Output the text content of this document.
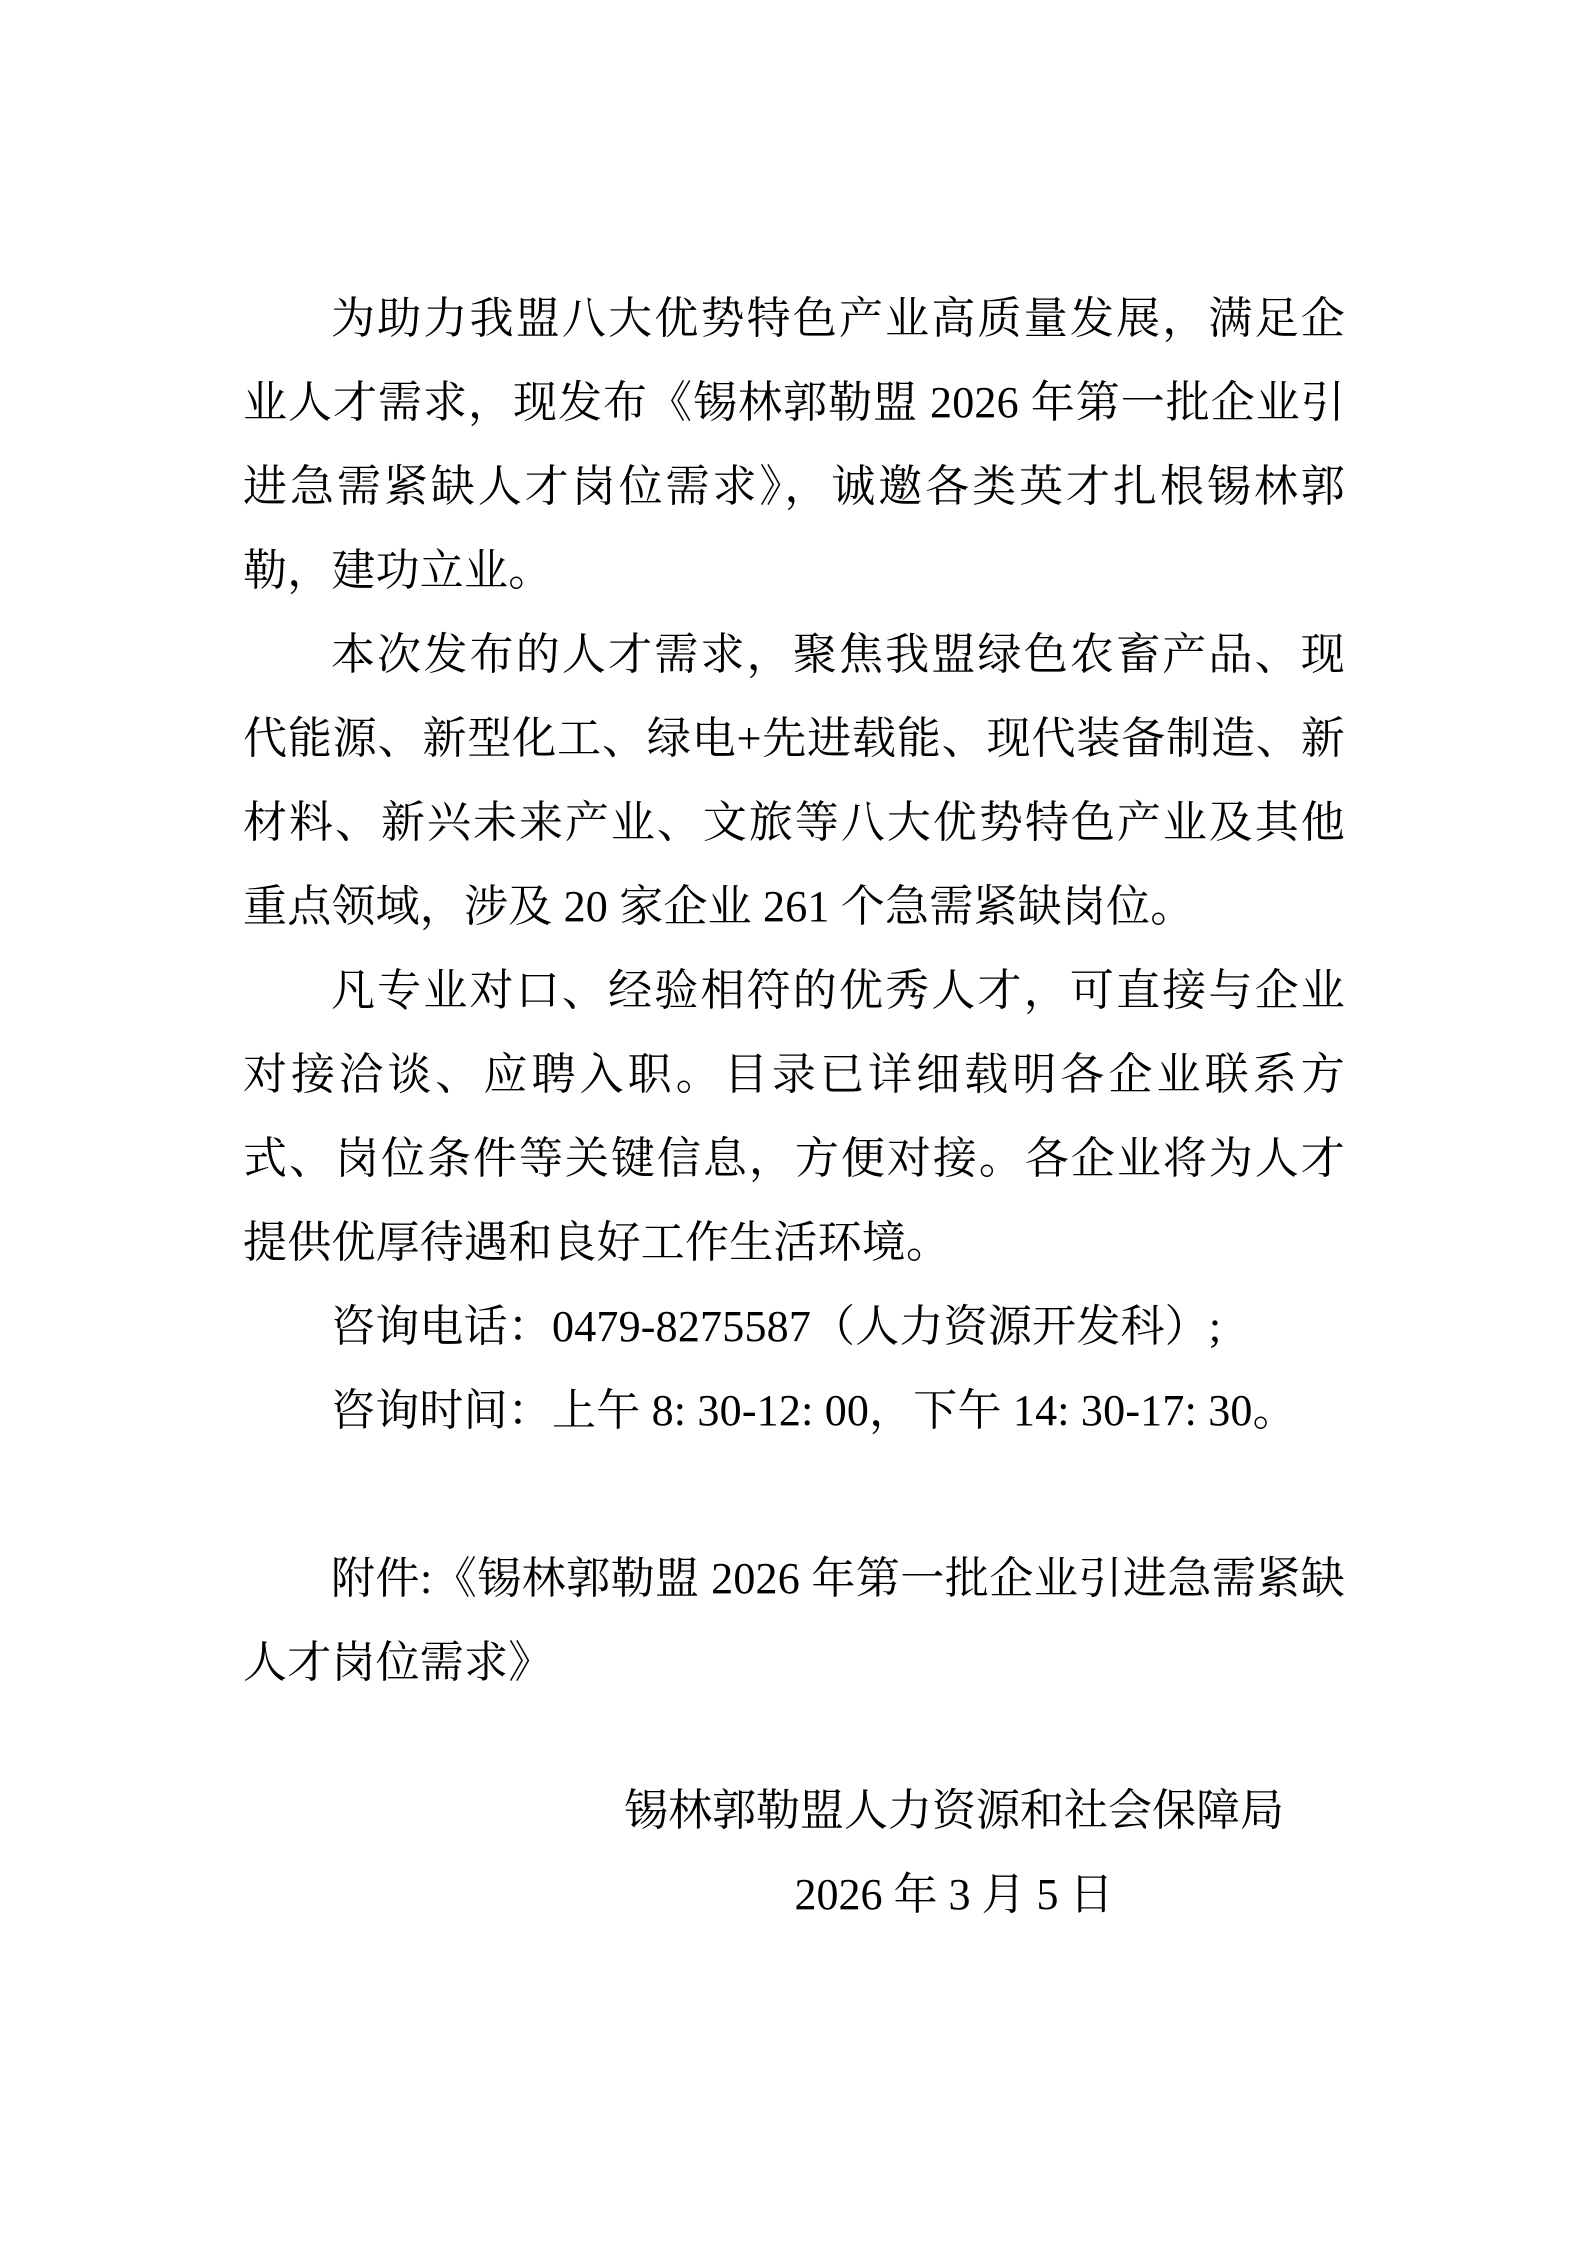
为助力我盟八大优势特色产业高质量发展，满足企业人才需求，现发布《锡林郭勒盟 2026 年第一批企业引进急需紧缺人才岗位需求》，诚邀各类英才扎根锡林郭勒，建功立业。

本次发布的人才需求，聚焦我盟绿色农畜产品、现代能源、新型化工、绿电+先进载能、现代装备制造、新材料、新兴未来产业、文旅等八大优势特色产业及其他重点领域，涉及 20 家企业 261 个急需紧缺岗位。

凡专业对口、经验相符的优秀人才，可直接与企业对接洽谈、应聘入职。目录已详细载明各企业联系方式、岗位条件等关键信息，方便对接。各企业将为人才提供优厚待遇和良好工作生活环境。

咨询电话：0479-8275587（人力资源开发科）;

咨询时间：上午 8: 30-12: 00，下午 14: 30-17: 30。

附件:《锡林郭勒盟 2026 年第一批企业引进急需紧缺人才岗位需求》

锡林郭勒盟人力资源和社会保障局
2026 年 3 月 5 日
